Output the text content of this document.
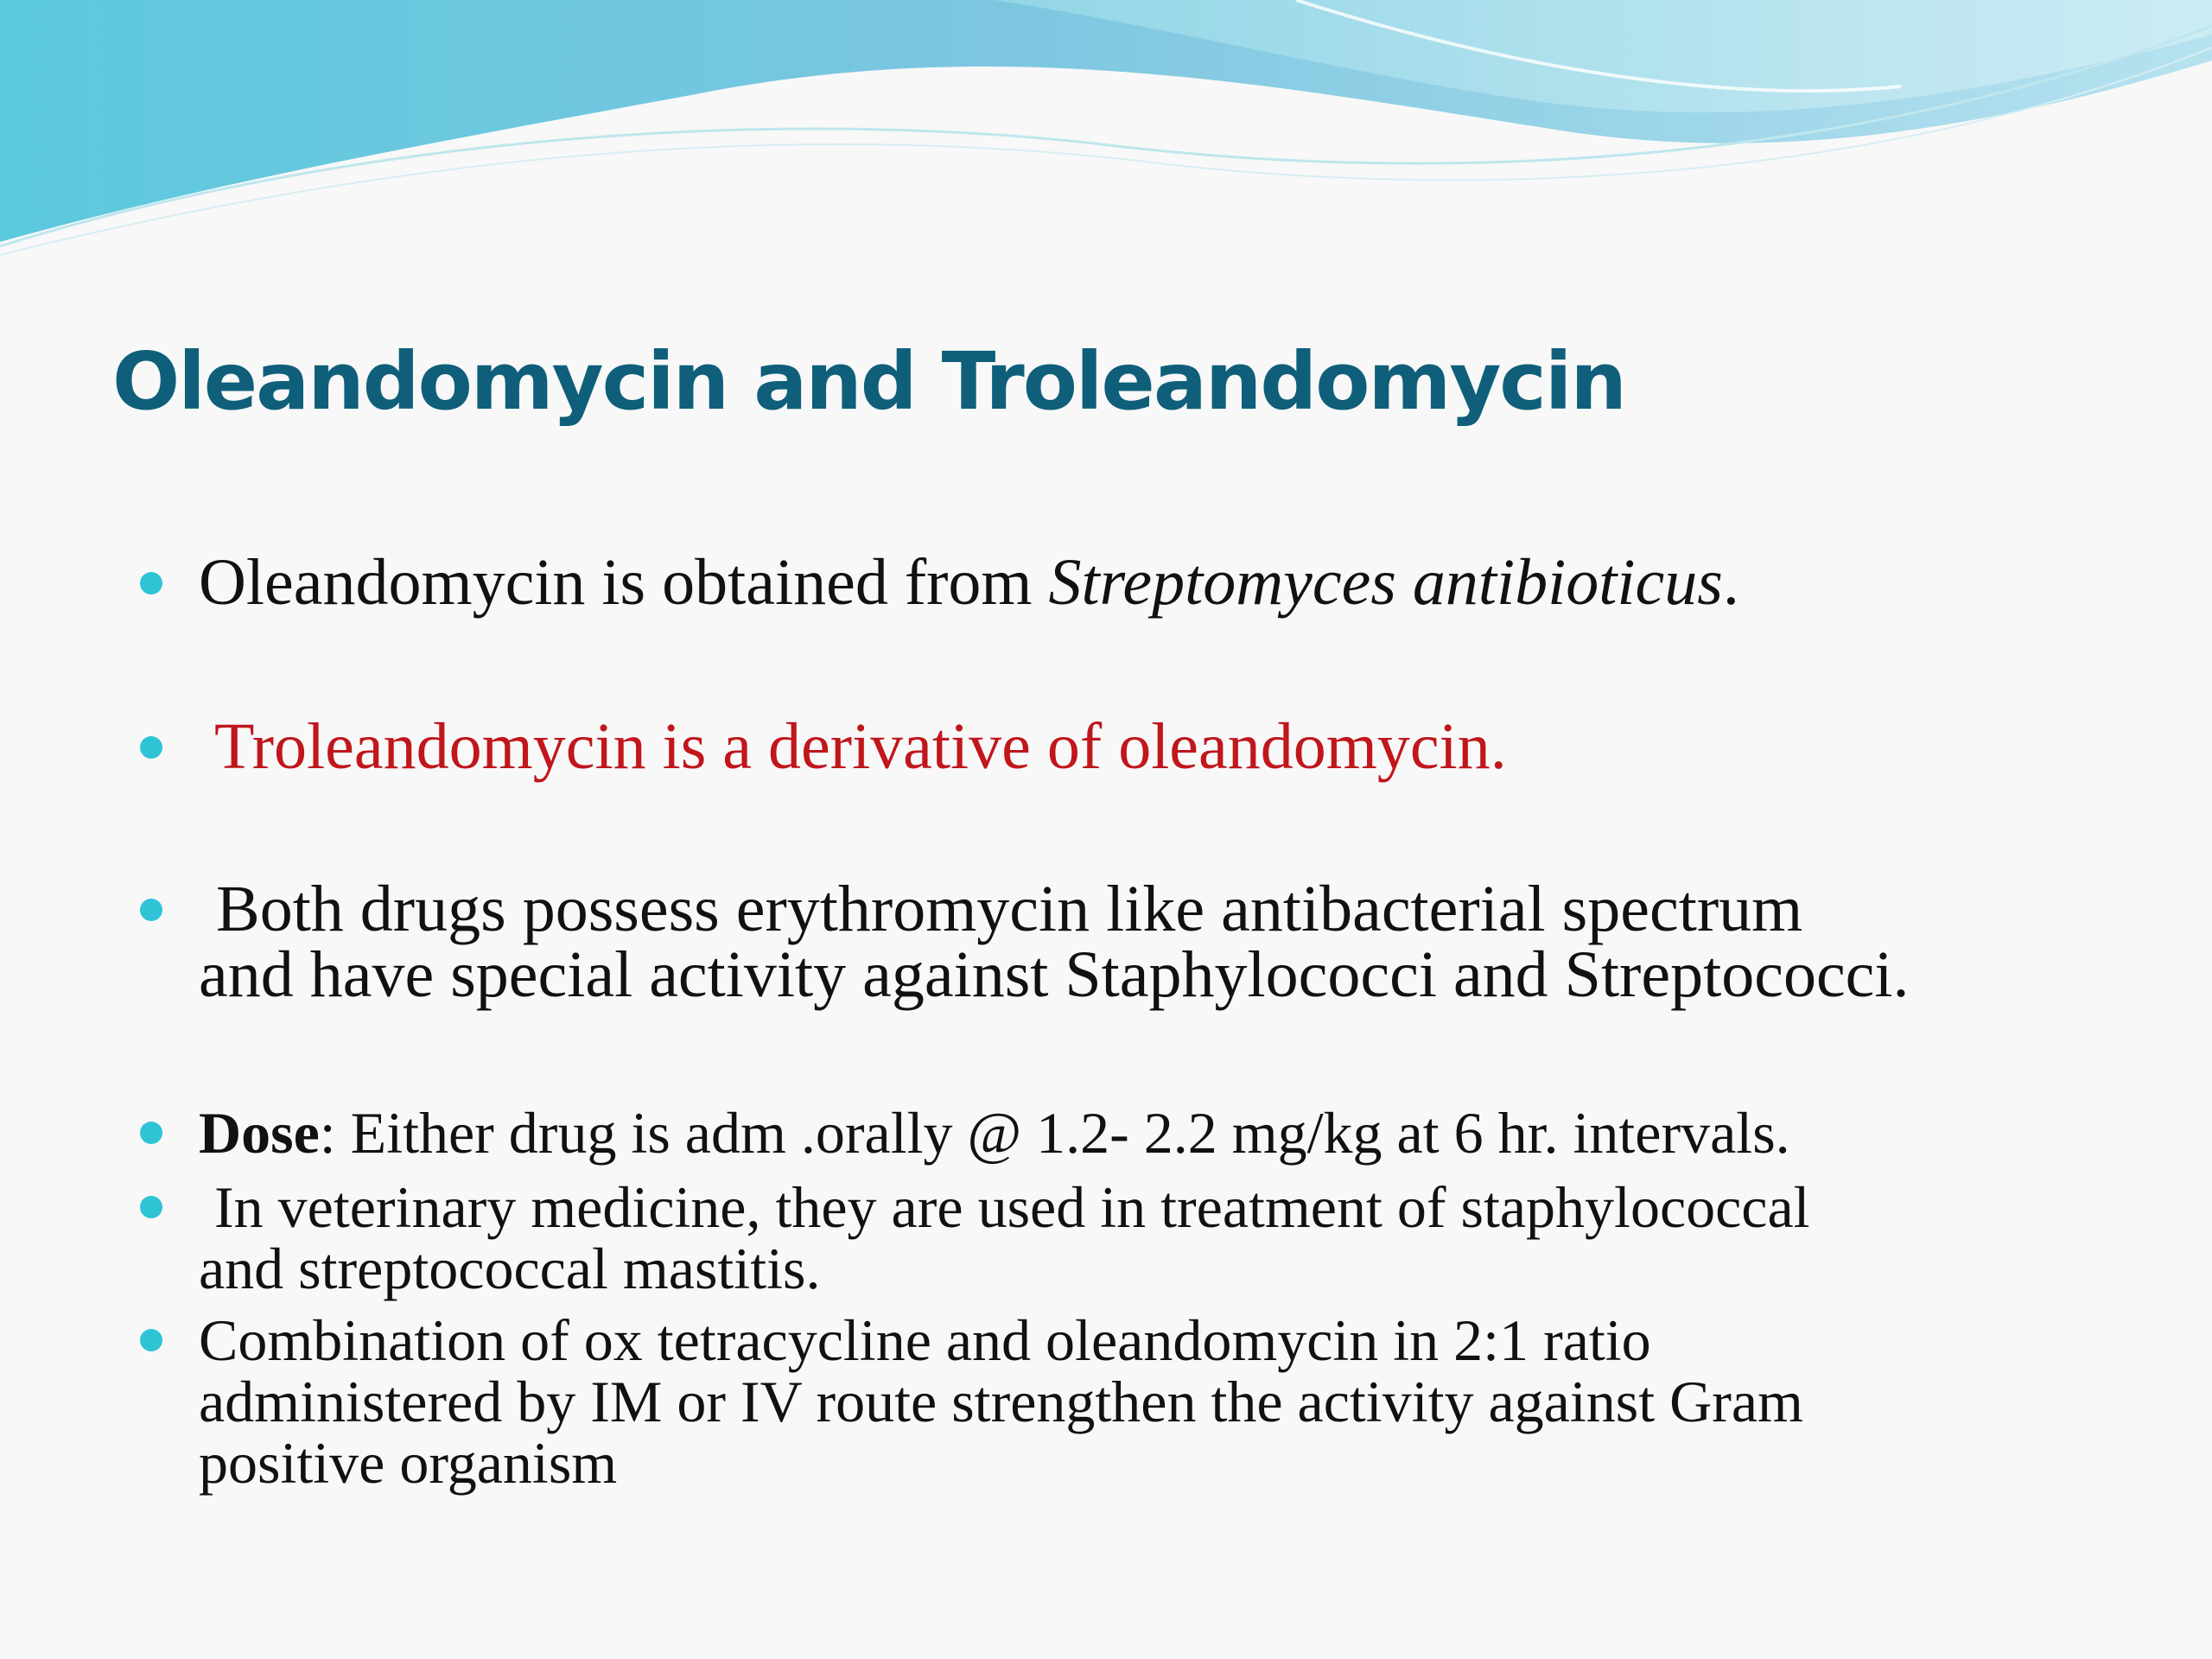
Oleandomycin and Troleandomycin
Oleandomycin is obtained from Streptomyces antibioticus.
Troleandomycin is a derivative of oleandomycin.
Both drugs possess erythromycin like antibacterial spectrum
and have special activity against Staphylococci and Streptococci.
Dose: Either drug is adm .orally @ 1.2- 2.2 mg/kg at 6 hr. intervals.
In veterinary medicine, they are used in treatment of staphylococcal
and streptococcal mastitis.
Combination of ox tetracycline and oleandomycin in 2:1 ratio
administered by IM or IV route strengthen the activity against Gram
positive organism
